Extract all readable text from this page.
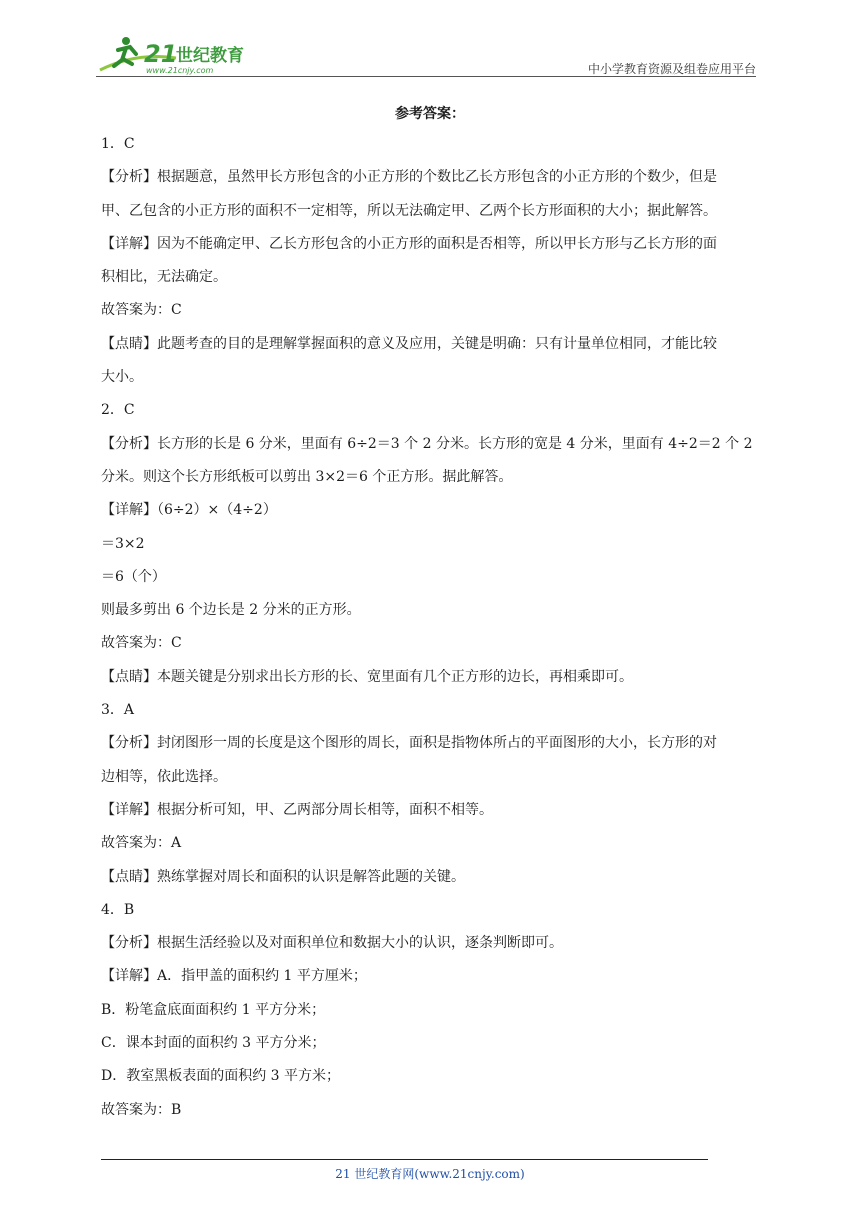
21
世纪教育
www.21cnjy.com	中小学教育资源及组卷应用平台
参考答案：

1．C

【分析】根据题意，虽然甲长方形包含的小正方形的个数比乙长方形包含的小正方形的个数少，但是

甲、乙包含的小正方形的面积不一定相等，所以无法确定甲、乙两个长方形面积的大小；据此解答。

【详解】因为不能确定甲、乙长方形包含的小正方形的面积是否相等，所以甲长方形与乙长方形的面

积相比，无法确定。

故答案为：C

【点睛】此题考查的目的是理解掌握面积的意义及应用，关键是明确：只有计量单位相同，才能比较

大小。

2．C

【分析】长方形的长是 6 分米，里面有 6÷2＝3 个 2 分米。长方形的宽是 4 分米，里面有 4÷2＝2 个 2

分米。则这个长方形纸板可以剪出 3×2＝6 个正方形。据此解答。

【详解】（6÷2）×（4÷2）

＝3×2

＝6（个）

则最多剪出 6 个边长是 2 分米的正方形。

故答案为：C

【点睛】本题关键是分别求出长方形的长、宽里面有几个正方形的边长，再相乘即可。

3．A

【分析】封闭图形一周的长度是这个图形的周长，面积是指物体所占的平面图形的大小，长方形的对

边相等，依此选择。

【详解】根据分析可知，甲、乙两部分周长相等，面积不相等。

故答案为：A

【点睛】熟练掌握对周长和面积的认识是解答此题的关键。

4．B

【分析】根据生活经验以及对面积单位和数据大小的认识，逐条判断即可。

【详解】A．指甲盖的面积约 1 平方厘米；

B．粉笔盒底面面积约 1 平方分米；

C．课本封面的面积约 3 平方分米；

D．教室黑板表面的面积约 3 平方米；

故答案为：B

21 世纪教育网(www.21cnjy.com)
